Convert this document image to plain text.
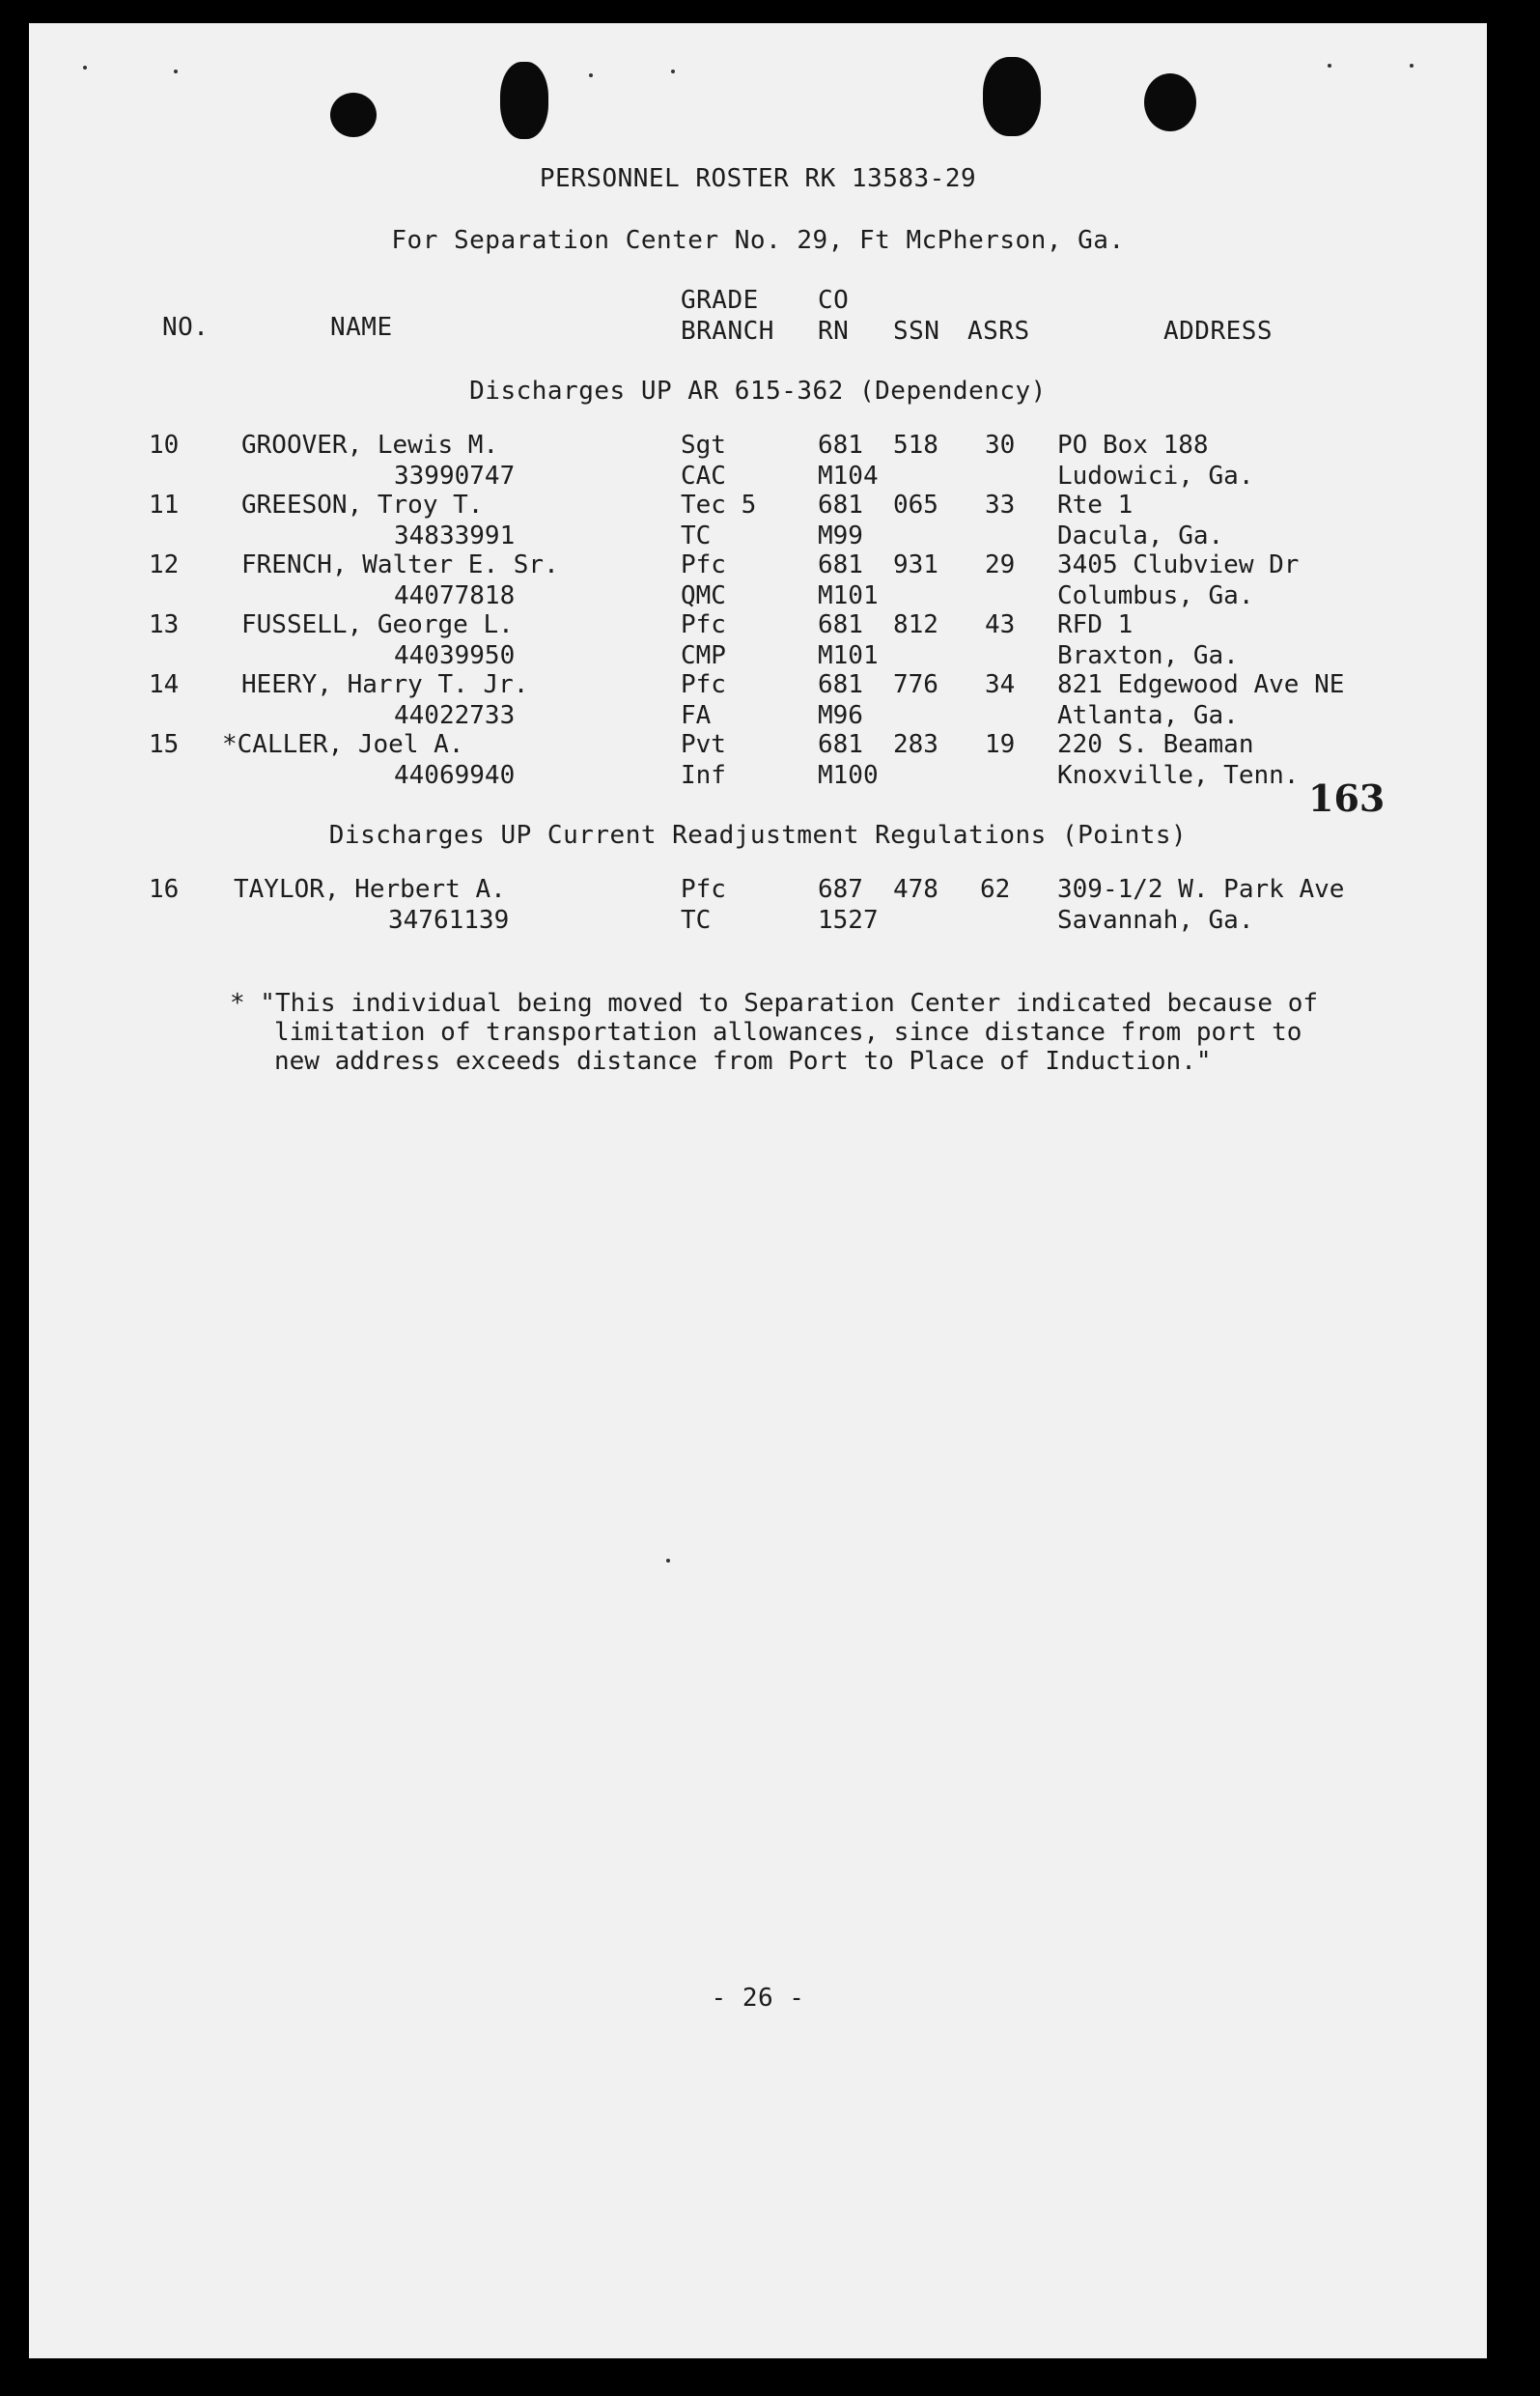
PERSONNEL ROSTER RK 13583-29
For Separation Center No. 29, Ft McPherson, Ga.
NO.	NAME
GRADE
BRANCH
CO
RN SSN ASRS	ADDRESS
Discharges UP AR 615-362 (Dependency)
10 GROOVER, Lewis M.
33990747
Sgt
CAC
681
M104
518 30 PO Box 188
Ludowici, Ga.
11 GREESON, Troy T.
34833991
Tec 5
TC
681
M99
065 33 Rte 1
Dacula, Ga.
12 FRENCH, Walter E. Sr.
44077818
Pfc
QMC
681
M101
931 29 3405 Clubview Dr
Columbus, Ga.
13 FUSSELL, George L.
44039950
Pfc
CMP
681
M101
812 43 RFD 1
Braxton, Ga.
14 HEERY, Harry T. Jr.
44022733
Pfc
FA
681
M96
776 34 821 Edgewood Ave NE
Atlanta, Ga.
15 *CALLER, Joel A.
44069940
Pvt
Inf
681
M100
283 19 220 S. Beaman
Knoxville, Tenn.
163
Discharges UP Current Readjustment Regulations (Points)
16 TAYLOR, Herbert A.
34761139
Pfc
TC
687
1527
478 62 309-1/2 W. Park Ave
Savannah, Ga.
* "This individual being moved to Separation Center indicated because of
limitation of transportation allowances, since distance from port to
new address exceeds distance from Port to Place of Induction."
- 26 -
